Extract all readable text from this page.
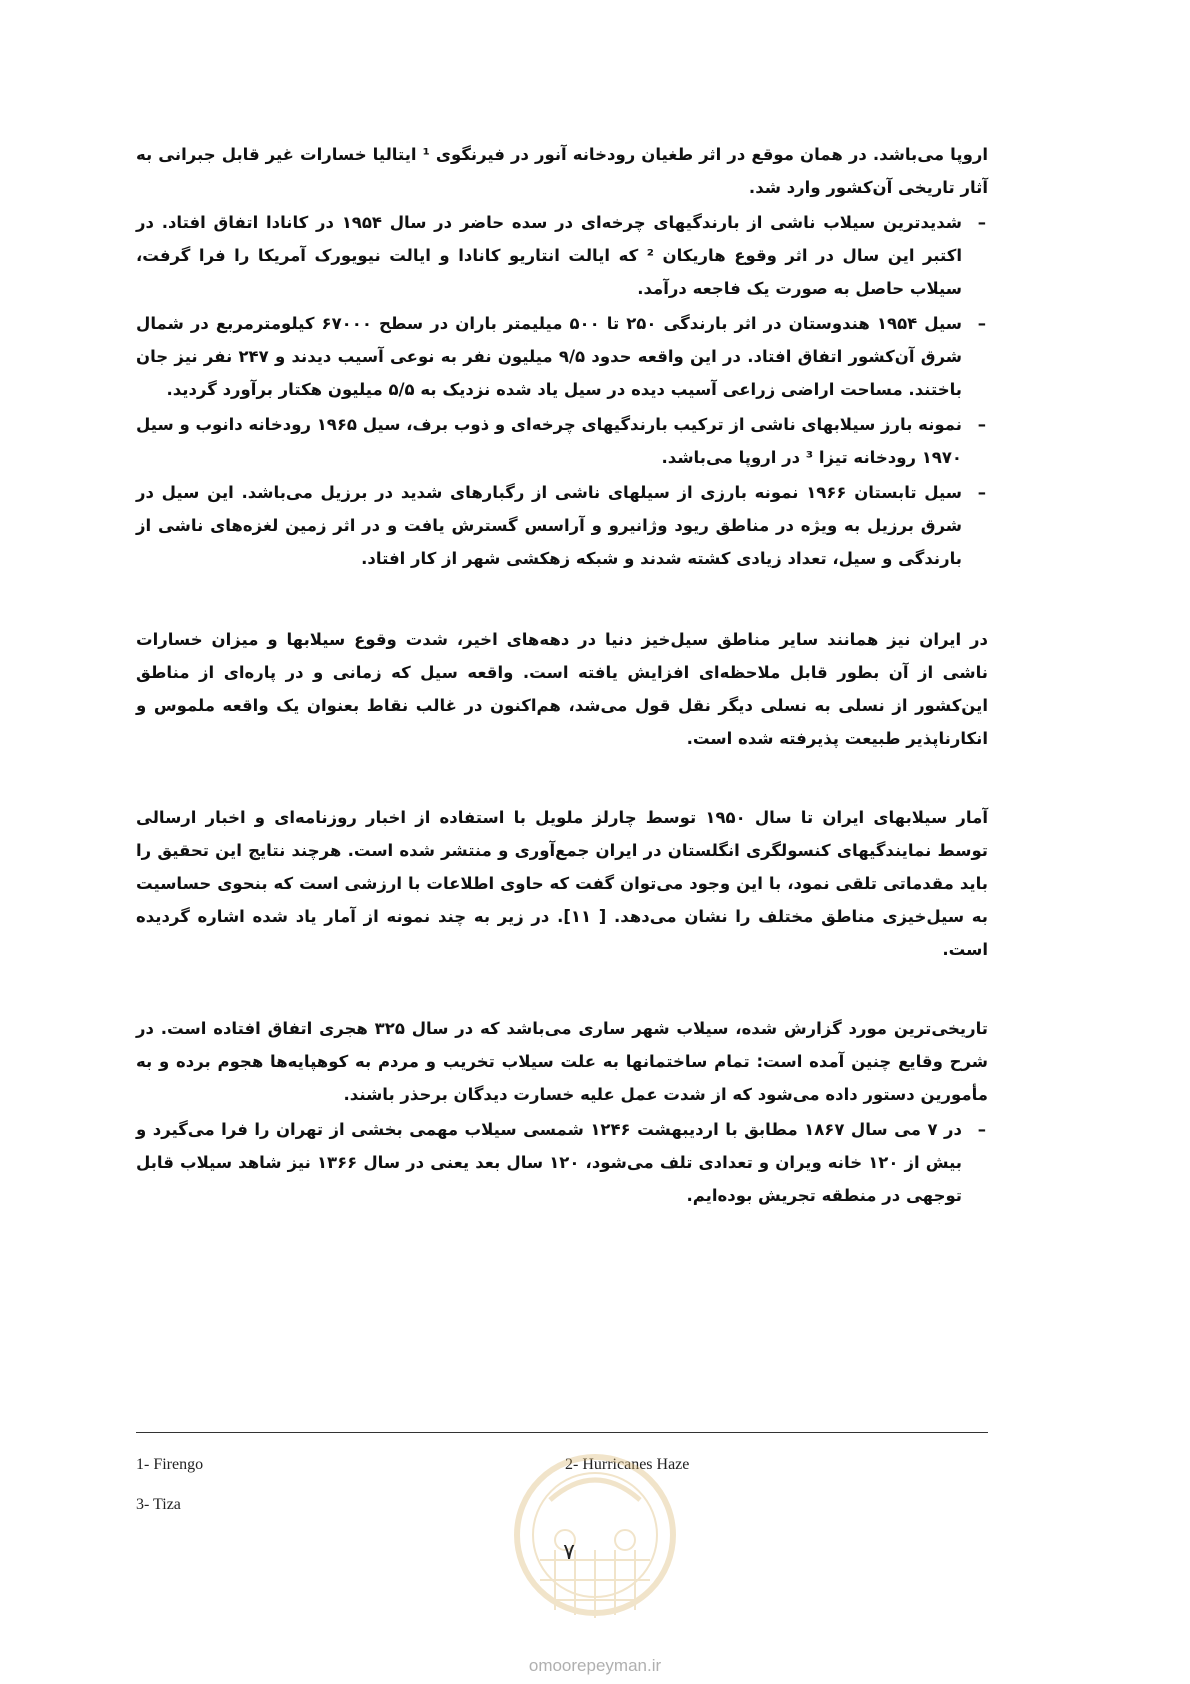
اروپا می‌باشد. در همان موقع در اثر طغیان رودخانه آنور در فیرنگوی ¹ ایتالیا خسارات غیر قابل جبرانی به آثار تاریخی آن‌کشور وارد شد.

– شدیدترین سیلاب ناشی از بارندگیهای چرخه‌ای در سده حاضر در سال ۱۹۵۴ در کانادا اتفاق افتاد. در اکتبر این سال در اثر وقوع هاریکان ² که ایالت انتاریو کانادا و ایالت نیویورک آمریکا را فرا گرفت، سیلاب حاصل به صورت یک فاجعه درآمد.
– سیل ۱۹۵۴ هندوستان در اثر بارندگی ۲۵۰ تا ۵۰۰ میلیمتر باران در سطح ۶۷۰۰۰ کیلومترمربع در شمال شرق آن‌کشور اتفاق افتاد. در این واقعه حدود ۹/۵ میلیون نفر به نوعی آسیب دیدند و ۲۴۷ نفر نیز جان باختند. مساحت اراضی زراعی آسیب دیده در سیل یاد شده نزدیک به ۵/۵ میلیون هکتار برآورد گردید.
– نمونه بارز سیلابهای ناشی از ترکیب بارندگیهای چرخه‌ای و ذوب برف، سیل ۱۹۶۵ رودخانه دانوب و سیل ۱۹۷۰ رودخانه تیزا ³ در اروپا می‌باشد.
– سیل تابستان ۱۹۶۶ نمونه بارزی از سیلهای ناشی از رگبارهای شدید در برزیل می‌باشد. این سیل در شرق برزیل به ویژه در مناطق ریود وژانیرو و آراسس گسترش یافت و در اثر زمین لغزه‌های ناشی از بارندگی و سیل، تعداد زیادی کشته شدند و شبکه زهکشی شهر از کار افتاد.

در ایران نیز همانند سایر مناطق سیل‌خیز دنیا در دهه‌های اخیر، شدت وقوع سیلابها و میزان خسارات ناشی از آن بطور قابل ملاحظه‌ای افزایش یافته است. واقعه سیل که زمانی و در پاره‌ای از مناطق این‌کشور از نسلی به نسلی دیگر نقل قول می‌شد، هم‌اکنون در غالب نقاط بعنوان یک واقعه ملموس و انکارناپذیر طبیعت پذیرفته شده است.

آمار سیلابهای ایران تا سال ۱۹۵۰ توسط چارلز ملویل با استفاده از اخبار روزنامه‌ای و اخبار ارسالی توسط نمایندگیهای کنسولگری انگلستان در ایران جمع‌آوری و منتشر شده است. هرچند نتایج این تحقیق را باید مقدماتی تلقی نمود، با این وجود می‌توان گفت که حاوی اطلاعات با ارزشی است که بنحوی حساسیت به سیل‌خیزی مناطق مختلف را نشان می‌دهد. [ ۱۱]. در زیر به چند نمونه از آمار یاد شده اشاره گردیده است.

تاریخی‌ترین مورد گزارش شده، سیلاب شهر ساری می‌باشد که در سال ۳۲۵ هجری اتفاق افتاده است. در شرح وقایع چنین آمده است: تمام ساختمانها به علت سیلاب تخریب و مردم به کوهپایه‌ها هجوم برده و به مأمورین دستور داده می‌شود که از شدت عمل علیه خسارت دیدگان برحذر باشند.

– در ۷ می سال ۱۸۶۷ مطابق با اردیبهشت ۱۲۴۶ شمسی سیلاب مهمی بخشی از تهران را فرا می‌گیرد و بیش از ۱۲۰ خانه ویران و تعدادی تلف می‌شود، ۱۲۰ سال بعد یعنی در سال ۱۳۶۶ نیز شاهد سیلاب قابل توجهی در منطقه تجریش بوده‌ایم.
1- Firengo	2- Hurricanes Haze
3- Tiza
۷
omoorepeyman.ir
